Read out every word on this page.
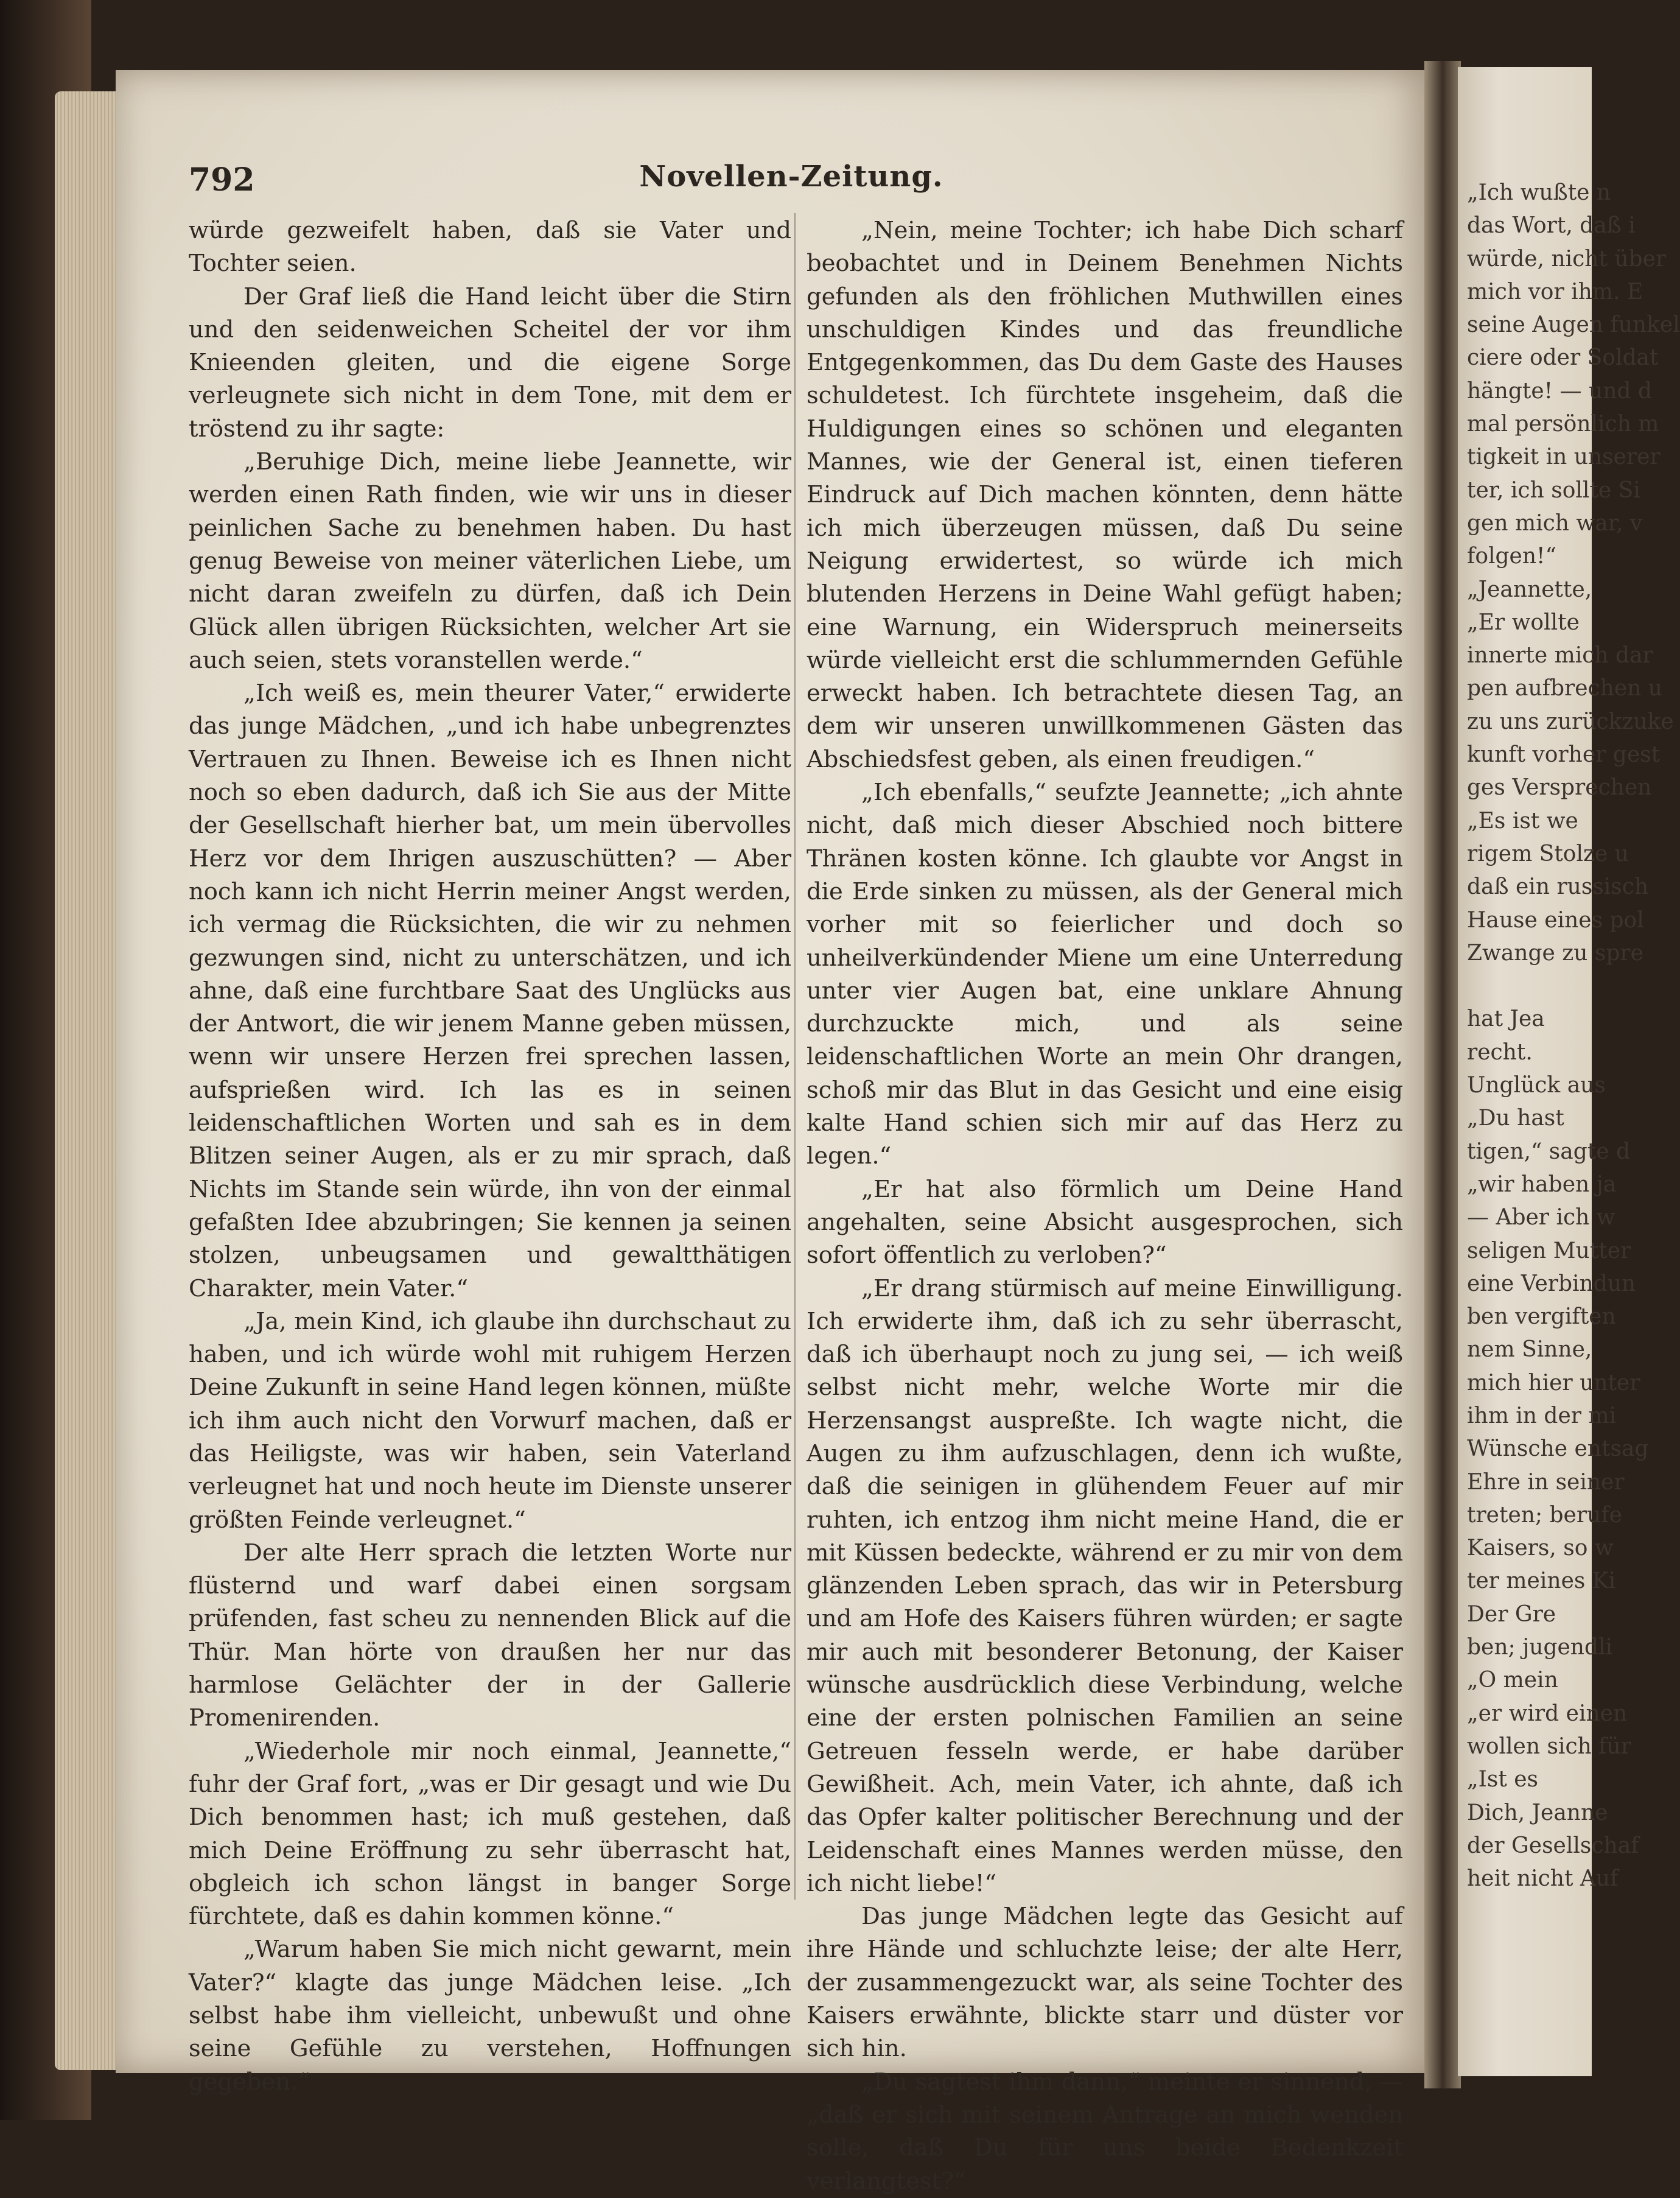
792	Novellen-Zeitung.

würde gezweifelt haben, daß sie Vater und Tochter seien.

Der Graf ließ die Hand leicht über die Stirn und den seidenweichen Scheitel der vor ihm Knieenden gleiten, und die eigene Sorge verleugnete sich nicht in dem Tone, mit dem er tröstend zu ihr sagte:

„Beruhige Dich, meine liebe Jeannette, wir werden einen Rath finden, wie wir uns in dieser peinlichen Sache zu benehmen haben. Du hast genug Beweise von meiner väterlichen Liebe, um nicht daran zweifeln zu dürfen, daß ich Dein Glück allen übrigen Rücksichten, welcher Art sie auch seien, stets voranstellen werde.“

„Ich weiß es, mein theurer Vater,“ erwiderte das junge Mädchen, „und ich habe unbegrenztes Vertrauen zu Ihnen. Beweise ich es Ihnen nicht noch so eben dadurch, daß ich Sie aus der Mitte der Gesellschaft hierher bat, um mein übervolles Herz vor dem Ihrigen auszuschütten? — Aber noch kann ich nicht Herrin meiner Angst werden, ich vermag die Rücksichten, die wir zu nehmen gezwungen sind, nicht zu unterschätzen, und ich ahne, daß eine furchtbare Saat des Unglücks aus der Antwort, die wir jenem Manne geben müssen, wenn wir unsere Herzen frei sprechen lassen, aufsprießen wird. Ich las es in seinen leidenschaftlichen Worten und sah es in dem Blitzen seiner Augen, als er zu mir sprach, daß Nichts im Stande sein würde, ihn von der einmal gefaßten Idee abzubringen; Sie kennen ja seinen stolzen, unbeugsamen und gewaltthätigen Charakter, mein Vater.“

„Ja, mein Kind, ich glaube ihn durchschaut zu haben, und ich würde wohl mit ruhigem Herzen Deine Zukunft in seine Hand legen können, müßte ich ihm auch nicht den Vorwurf machen, daß er das Heiligste, was wir haben, sein Vaterland verleugnet hat und noch heute im Dienste unserer größten Feinde verleugnet.“

Der alte Herr sprach die letzten Worte nur flüsternd und warf dabei einen sorgsam prüfenden, fast scheu zu nennenden Blick auf die Thür. Man hörte von draußen her nur das harmlose Gelächter der in der Gallerie Promenirenden.

„Wiederhole mir noch einmal, Jeannette,“ fuhr der Graf fort, „was er Dir gesagt und wie Du Dich benommen hast; ich muß gestehen, daß mich Deine Eröffnung zu sehr überrascht hat, obgleich ich schon längst in banger Sorge fürchtete, daß es dahin kommen könne.“

„Warum haben Sie mich nicht gewarnt, mein Vater?“ klagte das junge Mädchen leise. „Ich selbst habe ihm vielleicht, unbewußt und ohne seine Gefühle zu verstehen, Hoffnungen gegeben.“

„Nein, meine Tochter; ich habe Dich scharf beobachtet und in Deinem Benehmen Nichts gefunden als den fröhlichen Muthwillen eines unschuldigen Kindes und das freundliche Entgegenkommen, das Du dem Gaste des Hauses schuldetest. Ich fürchtete insgeheim, daß die Huldigungen eines so schönen und eleganten Mannes, wie der General ist, einen tieferen Eindruck auf Dich machen könnten, denn hätte ich mich überzeugen müssen, daß Du seine Neigung erwidertest, so würde ich mich blutenden Herzens in Deine Wahl gefügt haben; eine Warnung, ein Widerspruch meinerseits würde vielleicht erst die schlummernden Gefühle erweckt haben. Ich betrachtete diesen Tag, an dem wir unseren unwillkommenen Gästen das Abschiedsfest geben, als einen freudigen.“

„Ich ebenfalls,“ seufzte Jeannette; „ich ahnte nicht, daß mich dieser Abschied noch bittere Thränen kosten könne. Ich glaubte vor Angst in die Erde sinken zu müssen, als der General mich vorher mit so feierlicher und doch so unheilverkündender Miene um eine Unterredung unter vier Augen bat, eine unklare Ahnung durchzuckte mich, und als seine leidenschaftlichen Worte an mein Ohr drangen, schoß mir das Blut in das Gesicht und eine eisig kalte Hand schien sich mir auf das Herz zu legen.“

„Er hat also förmlich um Deine Hand angehalten, seine Absicht ausgesprochen, sich sofort öffentlich zu verloben?“

„Er drang stürmisch auf meine Einwilligung. Ich erwiderte ihm, daß ich zu sehr überrascht, daß ich überhaupt noch zu jung sei, — ich weiß selbst nicht mehr, welche Worte mir die Herzensangst auspreßte. Ich wagte nicht, die Augen zu ihm aufzuschlagen, denn ich wußte, daß die seinigen in glühendem Feuer auf mir ruhten, ich entzog ihm nicht meine Hand, die er mit Küssen bedeckte, während er zu mir von dem glänzenden Leben sprach, das wir in Petersburg und am Hofe des Kaisers führen würden; er sagte mir auch mit besonderer Betonung, der Kaiser wünsche ausdrücklich diese Verbindung, welche eine der ersten polnischen Familien an seine Getreuen fesseln werde, er habe darüber Gewißheit. Ach, mein Vater, ich ahnte, daß ich das Opfer kalter politischer Berechnung und der Leidenschaft eines Mannes werden müsse, den ich nicht liebe!“

Das junge Mädchen legte das Gesicht auf ihre Hände und schluchzte leise; der alte Herr, der zusammengezuckt war, als seine Tochter des Kaisers erwähnte, blickte starr und düster vor sich hin.

„Du sagtest ihm dann,“ meinte er sinnend, — „daß er sich mit seinem Antrage an mich wenden solle, daß Du für uns beide Bedenkzeit verlangtest?“

„Ich wußte n
das Wort, daß i
würde, nicht über
mich vor ihm. E
seine Augen funkel
ciere oder Soldat
hängte! — und d
mal persönlich m
tigkeit in unserer
ter, ich sollte Si
gen mich war, v
folgen!“
„Jeannette,
„Er wollte
innerte mich dar
pen aufbrechen u
zu uns zurückzuke
kunft vorher gest
ges Versprechen
„Es ist we
rigem Stolze u
daß ein russisch
Hause eines pol
Zwange zu spre

hat Jea
recht.
Unglück aus
„Du hast
tigen,“ sagte d
„wir haben ja
— Aber ich w
seligen Mutter
eine Verbindun
ben vergiften
nem Sinne,
mich hier unter
ihm in der mi
Wünsche entsag
Ehre in seiner
treten; berufe
Kaisers, so w
ter meines Ki
Der Gre
ben; jugendli
„O mein
„er wird einen
wollen sich für
„Ist es
Dich, Jeanne
der Gesellschaf
heit nicht Auf
